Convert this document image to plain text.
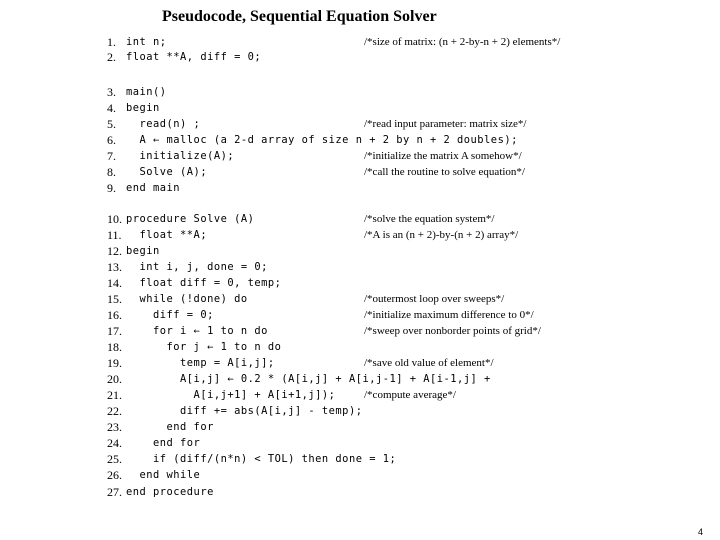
Pseudocode, Sequential Equation Solver
1. int n;	/*size of matrix: (n + 2-by-n + 2) elements*/
2. float **A, diff = 0;
3. main()
4. begin
5. read(n) ;	/*read input parameter: matrix size*/
6. A ← malloc (a 2-d array of size n + 2 by n + 2 doubles);
7. initialize(A);	/*initialize the matrix A somehow*/
8. Solve (A);	/*call the routine to solve equation*/
9. end main
10. procedure Solve (A)	/*solve the equation system*/
11. float **A;	/*A is an (n + 2)-by-(n + 2) array*/
12. begin
13. int i, j, done = 0;
14. float diff = 0, temp;
15. while (!done) do	/*outermost loop over sweeps*/
16. diff = 0;	/*initialize maximum difference to 0*/
17. for i ← 1 to n do	/*sweep over nonborder points of grid*/
18. for j ← 1 to n do
19. temp = A[i,j];	/*save old value of element*/
20. A[i,j] ← 0.2 * (A[i,j] + A[i,j-1] + A[i-1,j] +
21. A[i,j+1] + A[i+1,j]);	/*compute average*/
22. diff += abs(A[i,j] - temp);
23. end for
24. end for
25. if (diff/(n*n) < TOL) then done = 1;
26. end while
27. end procedure
4
